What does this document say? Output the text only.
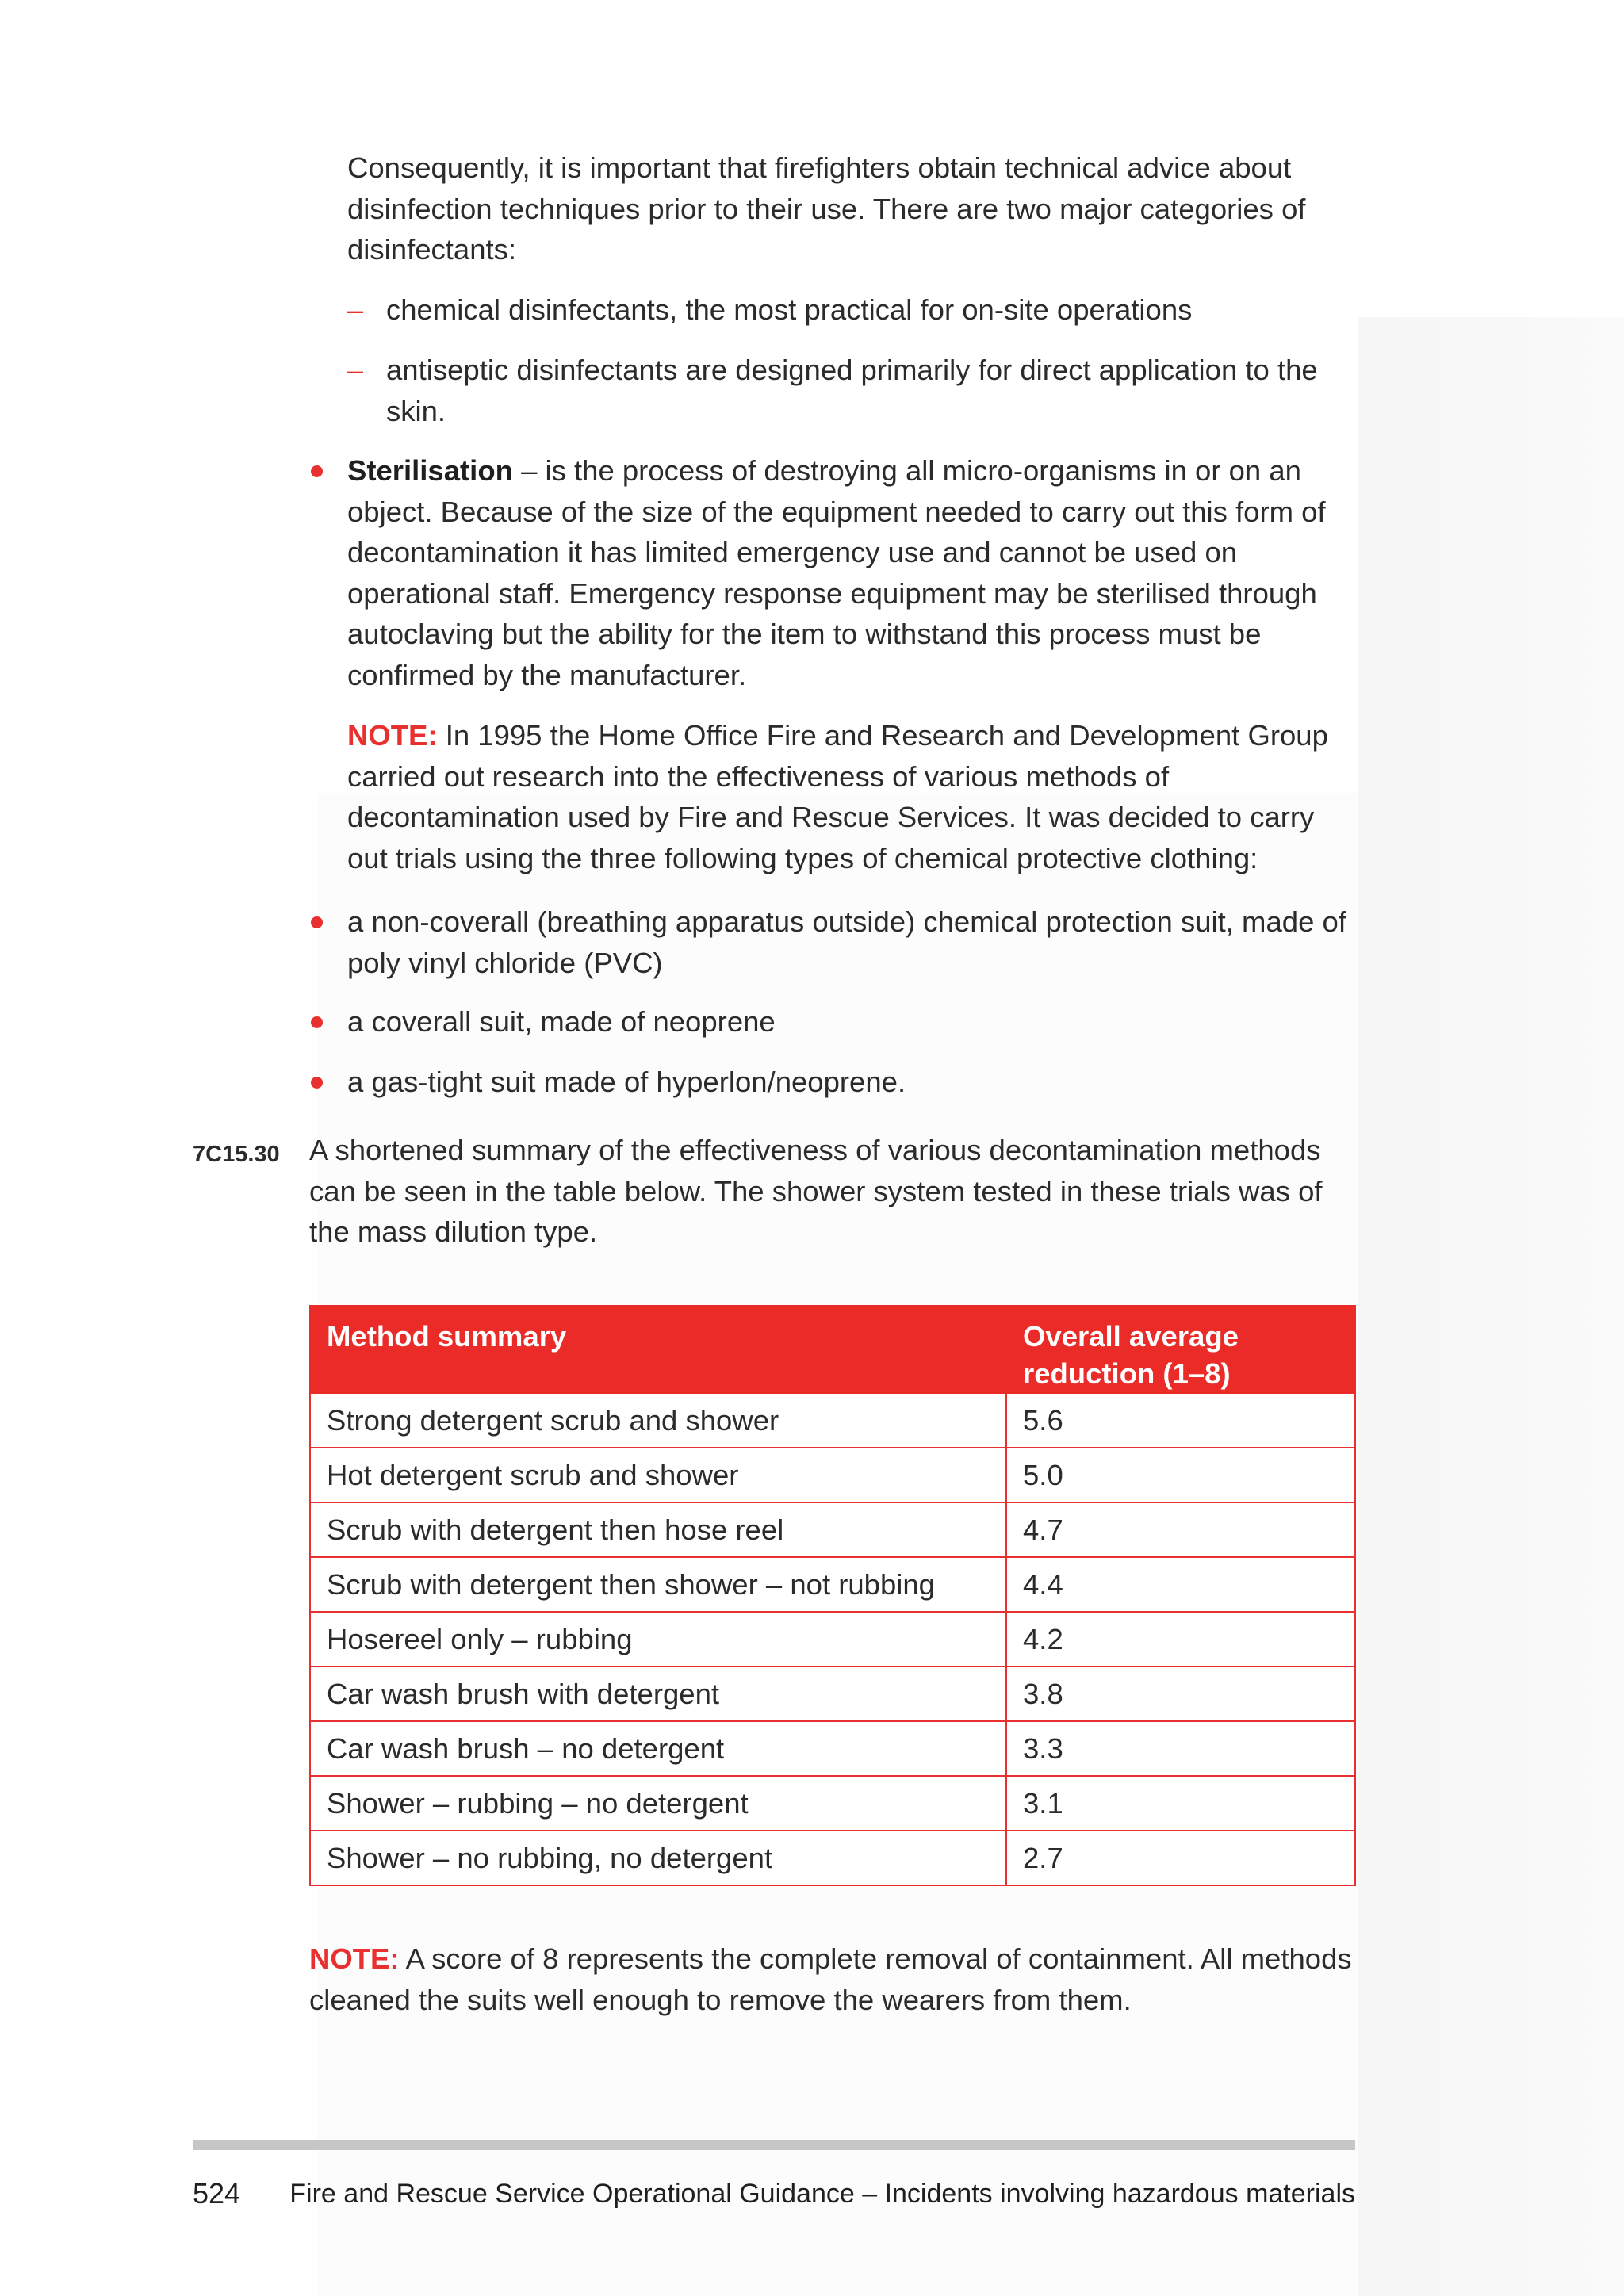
Consequently, it is important that firefighters obtain technical advice about disinfection techniques prior to their use. There are two major categories of disinfectants:
– chemical disinfectants, the most practical for on-site operations
– antiseptic disinfectants are designed primarily for direct application to the skin.
Sterilisation – is the process of destroying all micro-organisms in or on an object. Because of the size of the equipment needed to carry out this form of decontamination it has limited emergency use and cannot be used on operational staff. Emergency response equipment may be sterilised through autoclaving but the ability for the item to withstand this process must be confirmed by the manufacturer.
NOTE: In 1995 the Home Office Fire and Research and Development Group carried out research into the effectiveness of various methods of decontamination used by Fire and Rescue Services. It was decided to carry out trials using the three following types of chemical protective clothing:
a non-coverall (breathing apparatus outside) chemical protection suit, made of poly vinyl chloride (PVC)
a coverall suit, made of neoprene
a gas-tight suit made of hyperlon/neoprene.
7C15.30 A shortened summary of the effectiveness of various decontamination methods can be seen in the table below. The shower system tested in these trials was of the mass dilution type.
Method summary	Overall average reduction (1–8)
Strong detergent scrub and shower	5.6
Hot detergent scrub and shower	5.0
Scrub with detergent then hose reel	4.7
Scrub with detergent then shower – not rubbing	4.4
Hosereel only – rubbing	4.2
Car wash brush with detergent	3.8
Car wash brush – no detergent	3.3
Shower – rubbing – no detergent	3.1
Shower – no rubbing, no detergent	2.7
NOTE: A score of 8 represents the complete removal of containment. All methods cleaned the suits well enough to remove the wearers from them.
524 Fire and Rescue Service Operational Guidance – Incidents involving hazardous materials
